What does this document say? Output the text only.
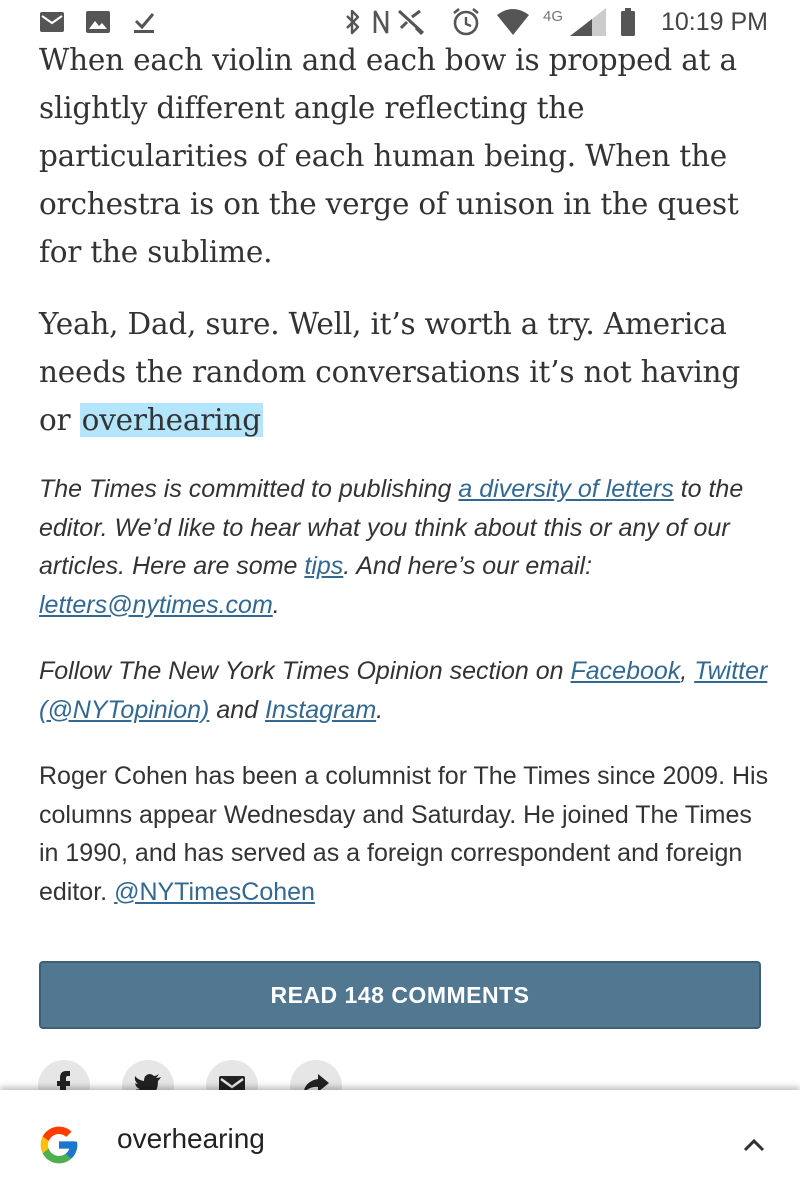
4G	10:19 PM

When each violin and each bow is propped at a slightly different angle reflecting the particularities of each human being. When the orchestra is on the verge of unison in the quest for the sublime.

Yeah, Dad, sure. Well, it’s worth a try. America needs the random conversations it’s not having or overhearing

The Times is committed to publishing a diversity of letters to the editor. We’d like to hear what you think about this or any of our articles. Here are some tips. And here’s our email: letters@nytimes.com.

Follow The New York Times Opinion section on Facebook, Twitter (@NYTopinion) and Instagram.

Roger Cohen has been a columnist for The Times since 2009. His columns appear Wednesday and Saturday. He joined The Times in 1990, and has served as a foreign correspondent and foreign editor. @NYTimesCohen

READ 148 COMMENTS
overhearing
